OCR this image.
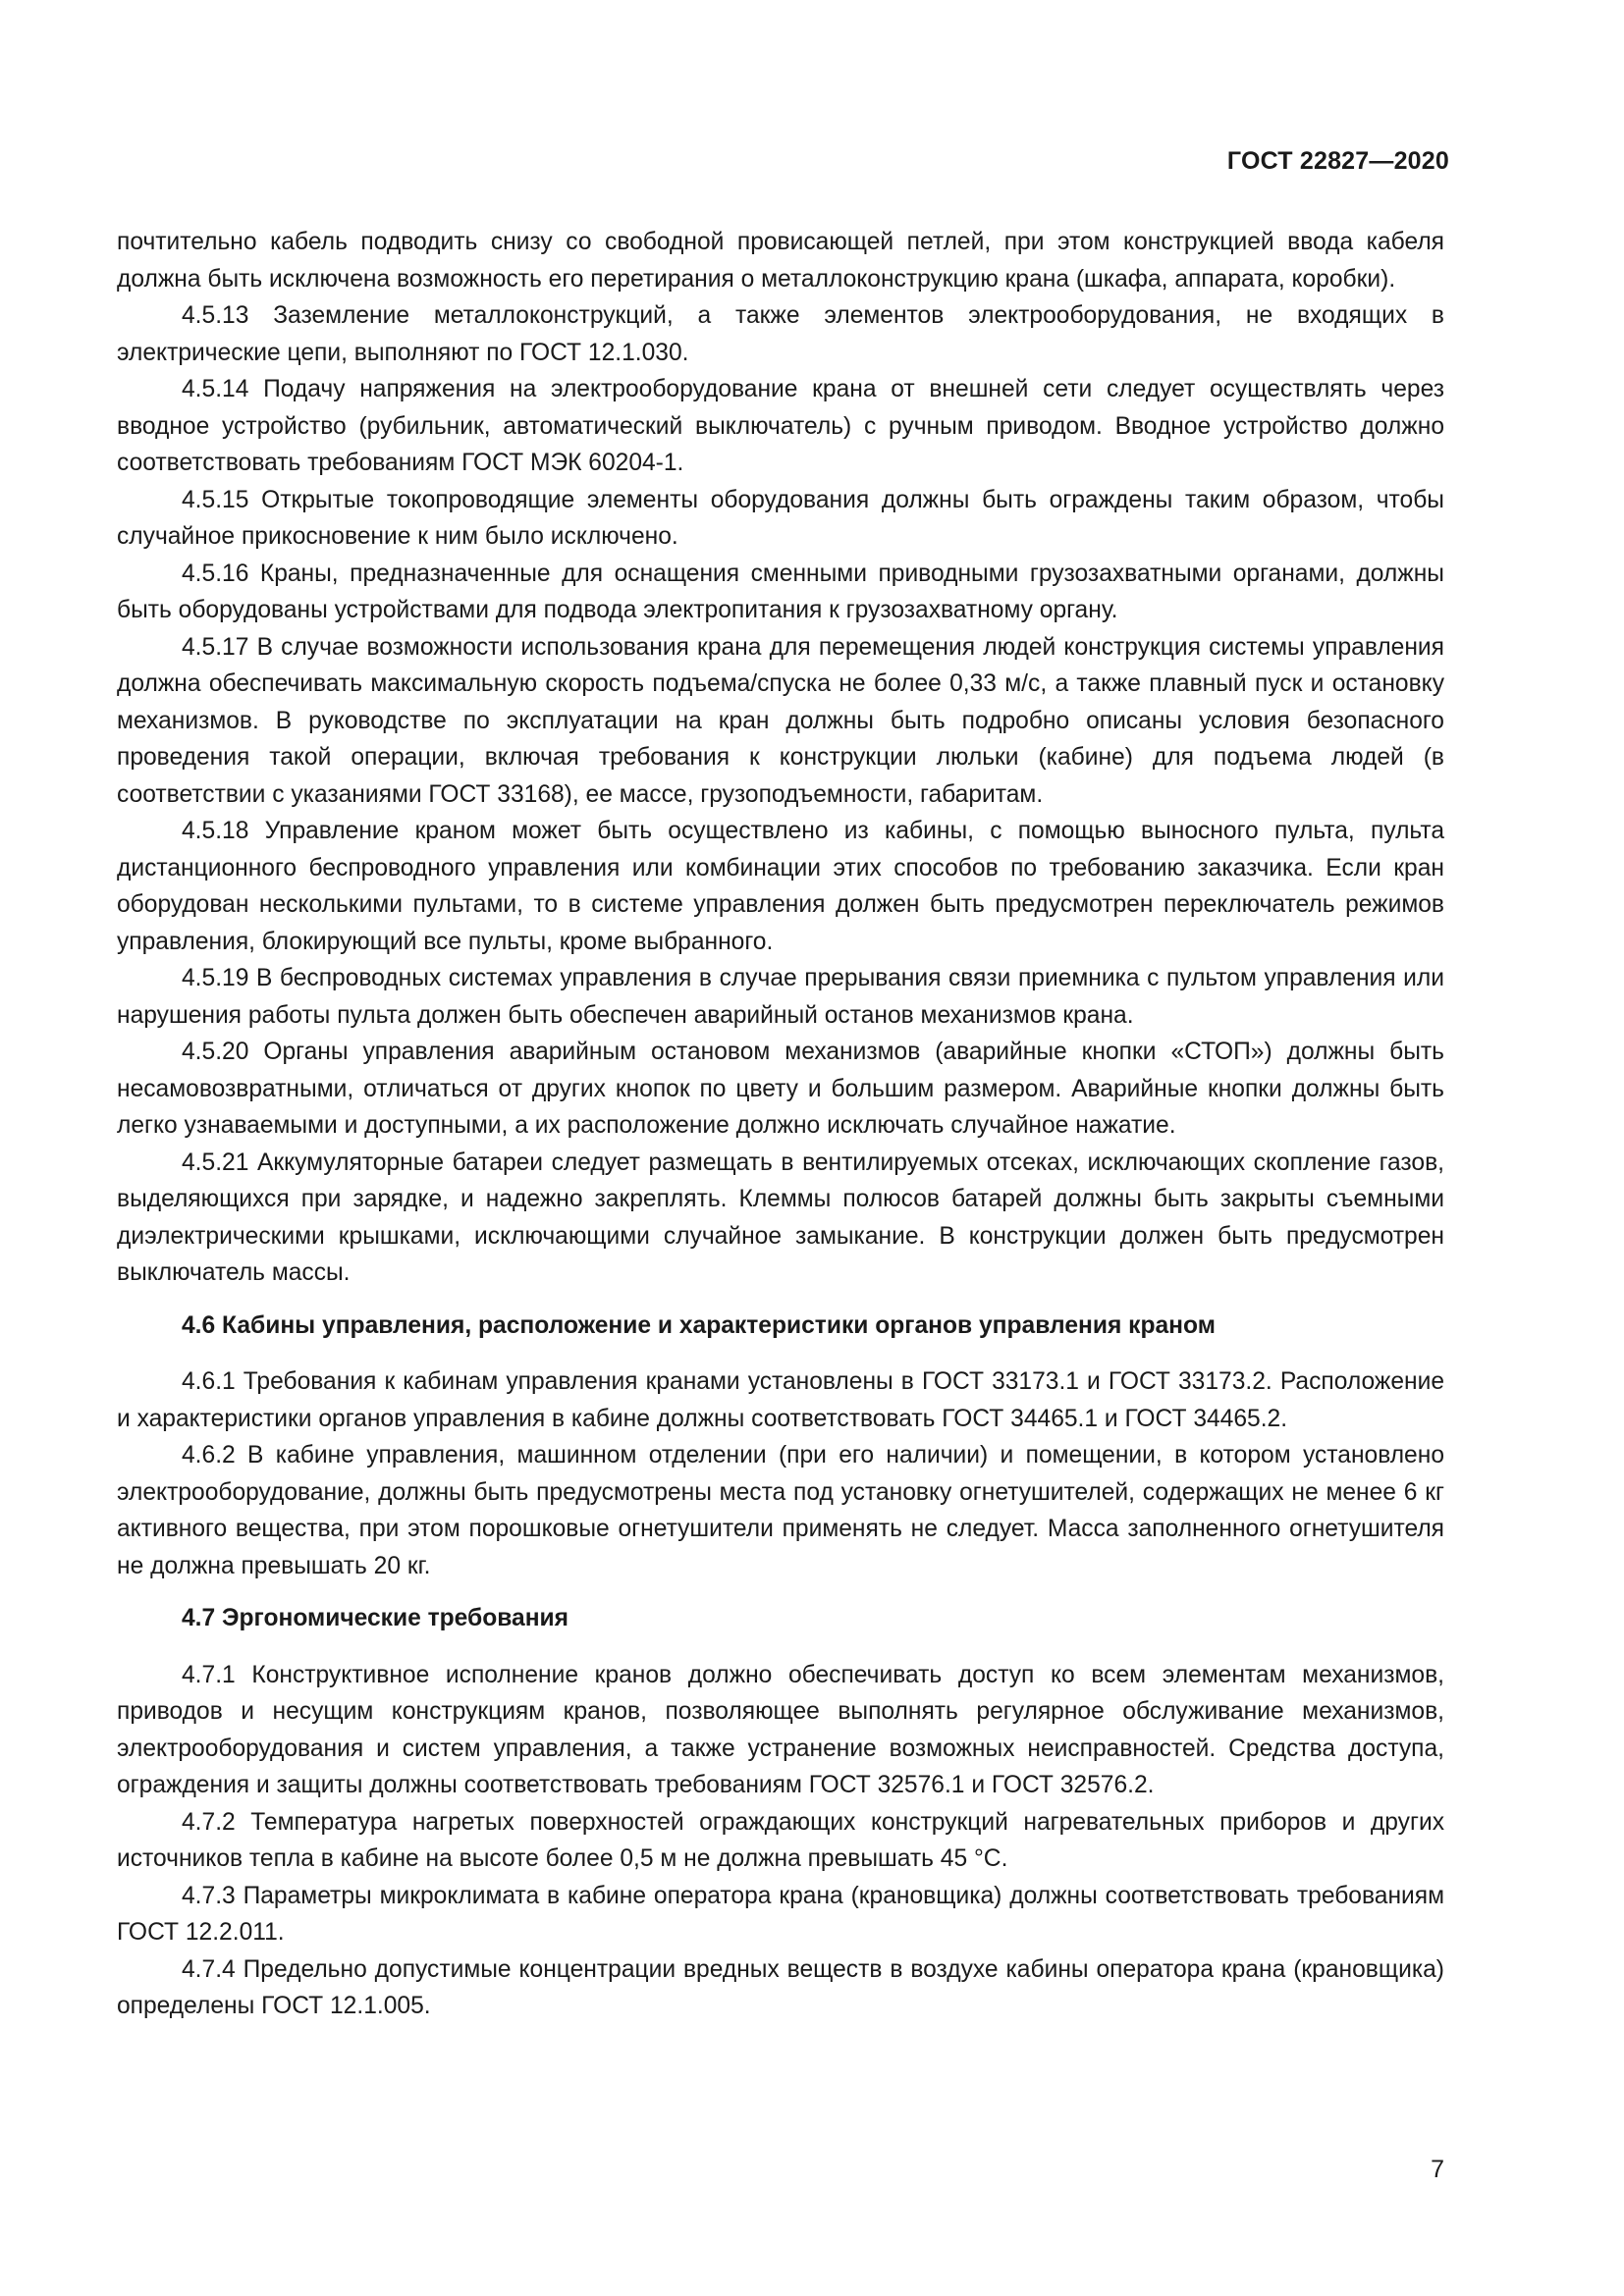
ГОСТ 22827—2020

почтительно кабель подводить снизу со свободной провисающей петлей, при этом конструкцией ввода кабеля должна быть исключена возможность его перетирания о металлоконструкцию крана (шкафа, аппарата, коробки).

4.5.13 Заземление металлоконструкций, а также элементов электрооборудования, не входящих в электрические цепи, выполняют по ГОСТ 12.1.030.

4.5.14 Подачу напряжения на электрооборудование крана от внешней сети следует осуществлять через вводное устройство (рубильник, автоматический выключатель) с ручным приводом. Вводное устройство должно соответствовать требованиям ГОСТ МЭК 60204-1.

4.5.15 Открытые токопроводящие элементы оборудования должны быть ограждены таким образом, чтобы случайное прикосновение к ним было исключено.

4.5.16 Краны, предназначенные для оснащения сменными приводными грузозахватными органами, должны быть оборудованы устройствами для подвода электропитания к грузозахватному органу.

4.5.17 В случае возможности использования крана для перемещения людей конструкция системы управления должна обеспечивать максимальную скорость подъема/спуска не более 0,33 м/с, а также плавный пуск и остановку механизмов. В руководстве по эксплуатации на кран должны быть подробно описаны условия безопасного проведения такой операции, включая требования к конструкции люльки (кабине) для подъема людей (в соответствии с указаниями ГОСТ 33168), ее массе, грузоподъемности, габаритам.

4.5.18 Управление краном может быть осуществлено из кабины, с помощью выносного пульта, пульта дистанционного беспроводного управления или комбинации этих способов по требованию заказчика. Если кран оборудован несколькими пультами, то в системе управления должен быть предусмотрен переключатель режимов управления, блокирующий все пульты, кроме выбранного.

4.5.19 В беспроводных системах управления в случае прерывания связи приемника с пультом управления или нарушения работы пульта должен быть обеспечен аварийный останов механизмов крана.

4.5.20 Органы управления аварийным остановом механизмов (аварийные кнопки «СТОП») должны быть несамовозвратными, отличаться от других кнопок по цвету и большим размером. Аварийные кнопки должны быть легко узнаваемыми и доступными, а их расположение должно исключать случайное нажатие.

4.5.21 Аккумуляторные батареи следует размещать в вентилируемых отсеках, исключающих скопление газов, выделяющихся при зарядке, и надежно закреплять. Клеммы полюсов батарей должны быть закрыты съемными диэлектрическими крышками, исключающими случайное замыкание. В конструкции должен быть предусмотрен выключатель массы.

4.6 Кабины управления, расположение и характеристики органов управления краном

4.6.1 Требования к кабинам управления кранами установлены в ГОСТ 33173.1 и ГОСТ 33173.2. Расположение и характеристики органов управления в кабине должны соответствовать ГОСТ 34465.1 и ГОСТ 34465.2.

4.6.2 В кабине управления, машинном отделении (при его наличии) и помещении, в котором установлено электрооборудование, должны быть предусмотрены места под установку огнетушителей, содержащих не менее 6 кг активного вещества, при этом порошковые огнетушители применять не следует. Масса заполненного огнетушителя не должна превышать 20 кг.

4.7 Эргономические требования

4.7.1 Конструктивное исполнение кранов должно обеспечивать доступ ко всем элементам механизмов, приводов и несущим конструкциям кранов, позволяющее выполнять регулярное обслуживание механизмов, электрооборудования и систем управления, а также устранение возможных неисправностей. Средства доступа, ограждения и защиты должны соответствовать требованиям ГОСТ 32576.1 и ГОСТ 32576.2.

4.7.2 Температура нагретых поверхностей ограждающих конструкций нагревательных приборов и других источников тепла в кабине на высоте более 0,5 м не должна превышать 45 °С.

4.7.3 Параметры микроклимата в кабине оператора крана (крановщика) должны соответствовать требованиям ГОСТ 12.2.011.

4.7.4 Предельно допустимые концентрации вредных веществ в воздухе кабины оператора крана (крановщика) определены ГОСТ 12.1.005.

7
